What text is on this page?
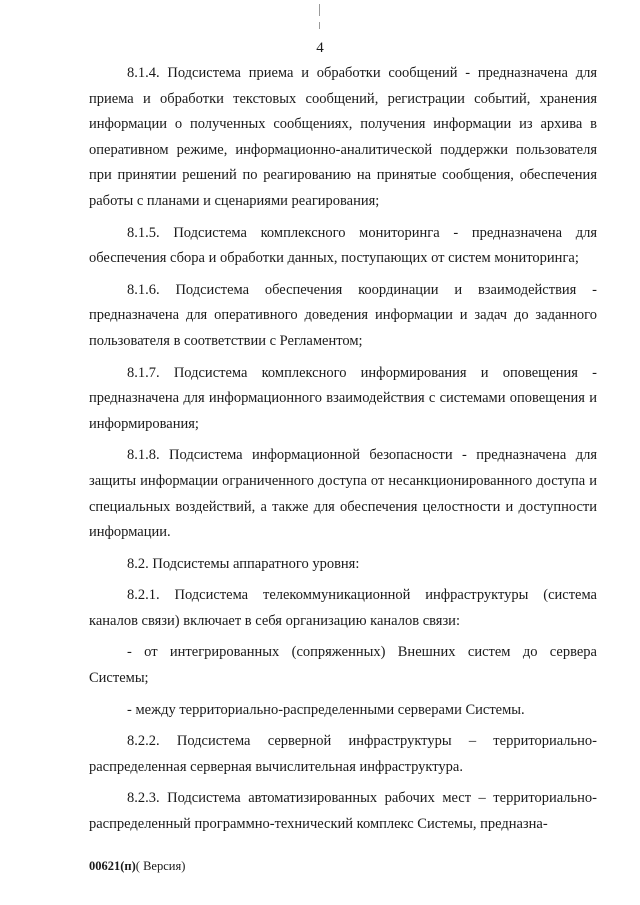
4

8.1.4. Подсистема приема и обработки сообщений - предназначена для приема и обработки текстовых сообщений, регистрации событий, хранения информации о полученных сообщениях, получения информации из архива в оперативном режиме, информационно-аналитической поддержки пользователя при принятии решений по реагированию на принятые сообщения, обеспечения работы с планами и сценариями реагирования;

8.1.5. Подсистема комплексного мониторинга - предназначена для обеспечения сбора и обработки данных, поступающих от систем мониторинга;

8.1.6. Подсистема обеспечения координации и взаимодействия - предназначена для оперативного доведения информации и задач до заданного пользователя в соответствии с Регламентом;

8.1.7. Подсистема комплексного информирования и оповещения - предназначена для информационного взаимодействия с системами оповещения и информирования;

8.1.8. Подсистема информационной безопасности - предназначена для защиты информации ограниченного доступа от несанкционированного доступа и специальных воздействий, а также для обеспечения целостности и доступности информации.

8.2. Подсистемы аппаратного уровня:

8.2.1. Подсистема телекоммуникационной инфраструктуры (система каналов связи) включает в себя организацию каналов связи:

- от интегрированных (сопряженных) Внешних систем до сервера Системы;

- между территориально-распределенными серверами Системы.

8.2.2. Подсистема серверной инфраструктуры – территориально-распределенная серверная вычислительная инфраструктура.

8.2.3. Подсистема автоматизированных рабочих мест – территориально-распределенный программно-технический комплекс Системы, предназна-

00621(п)( Версия)
